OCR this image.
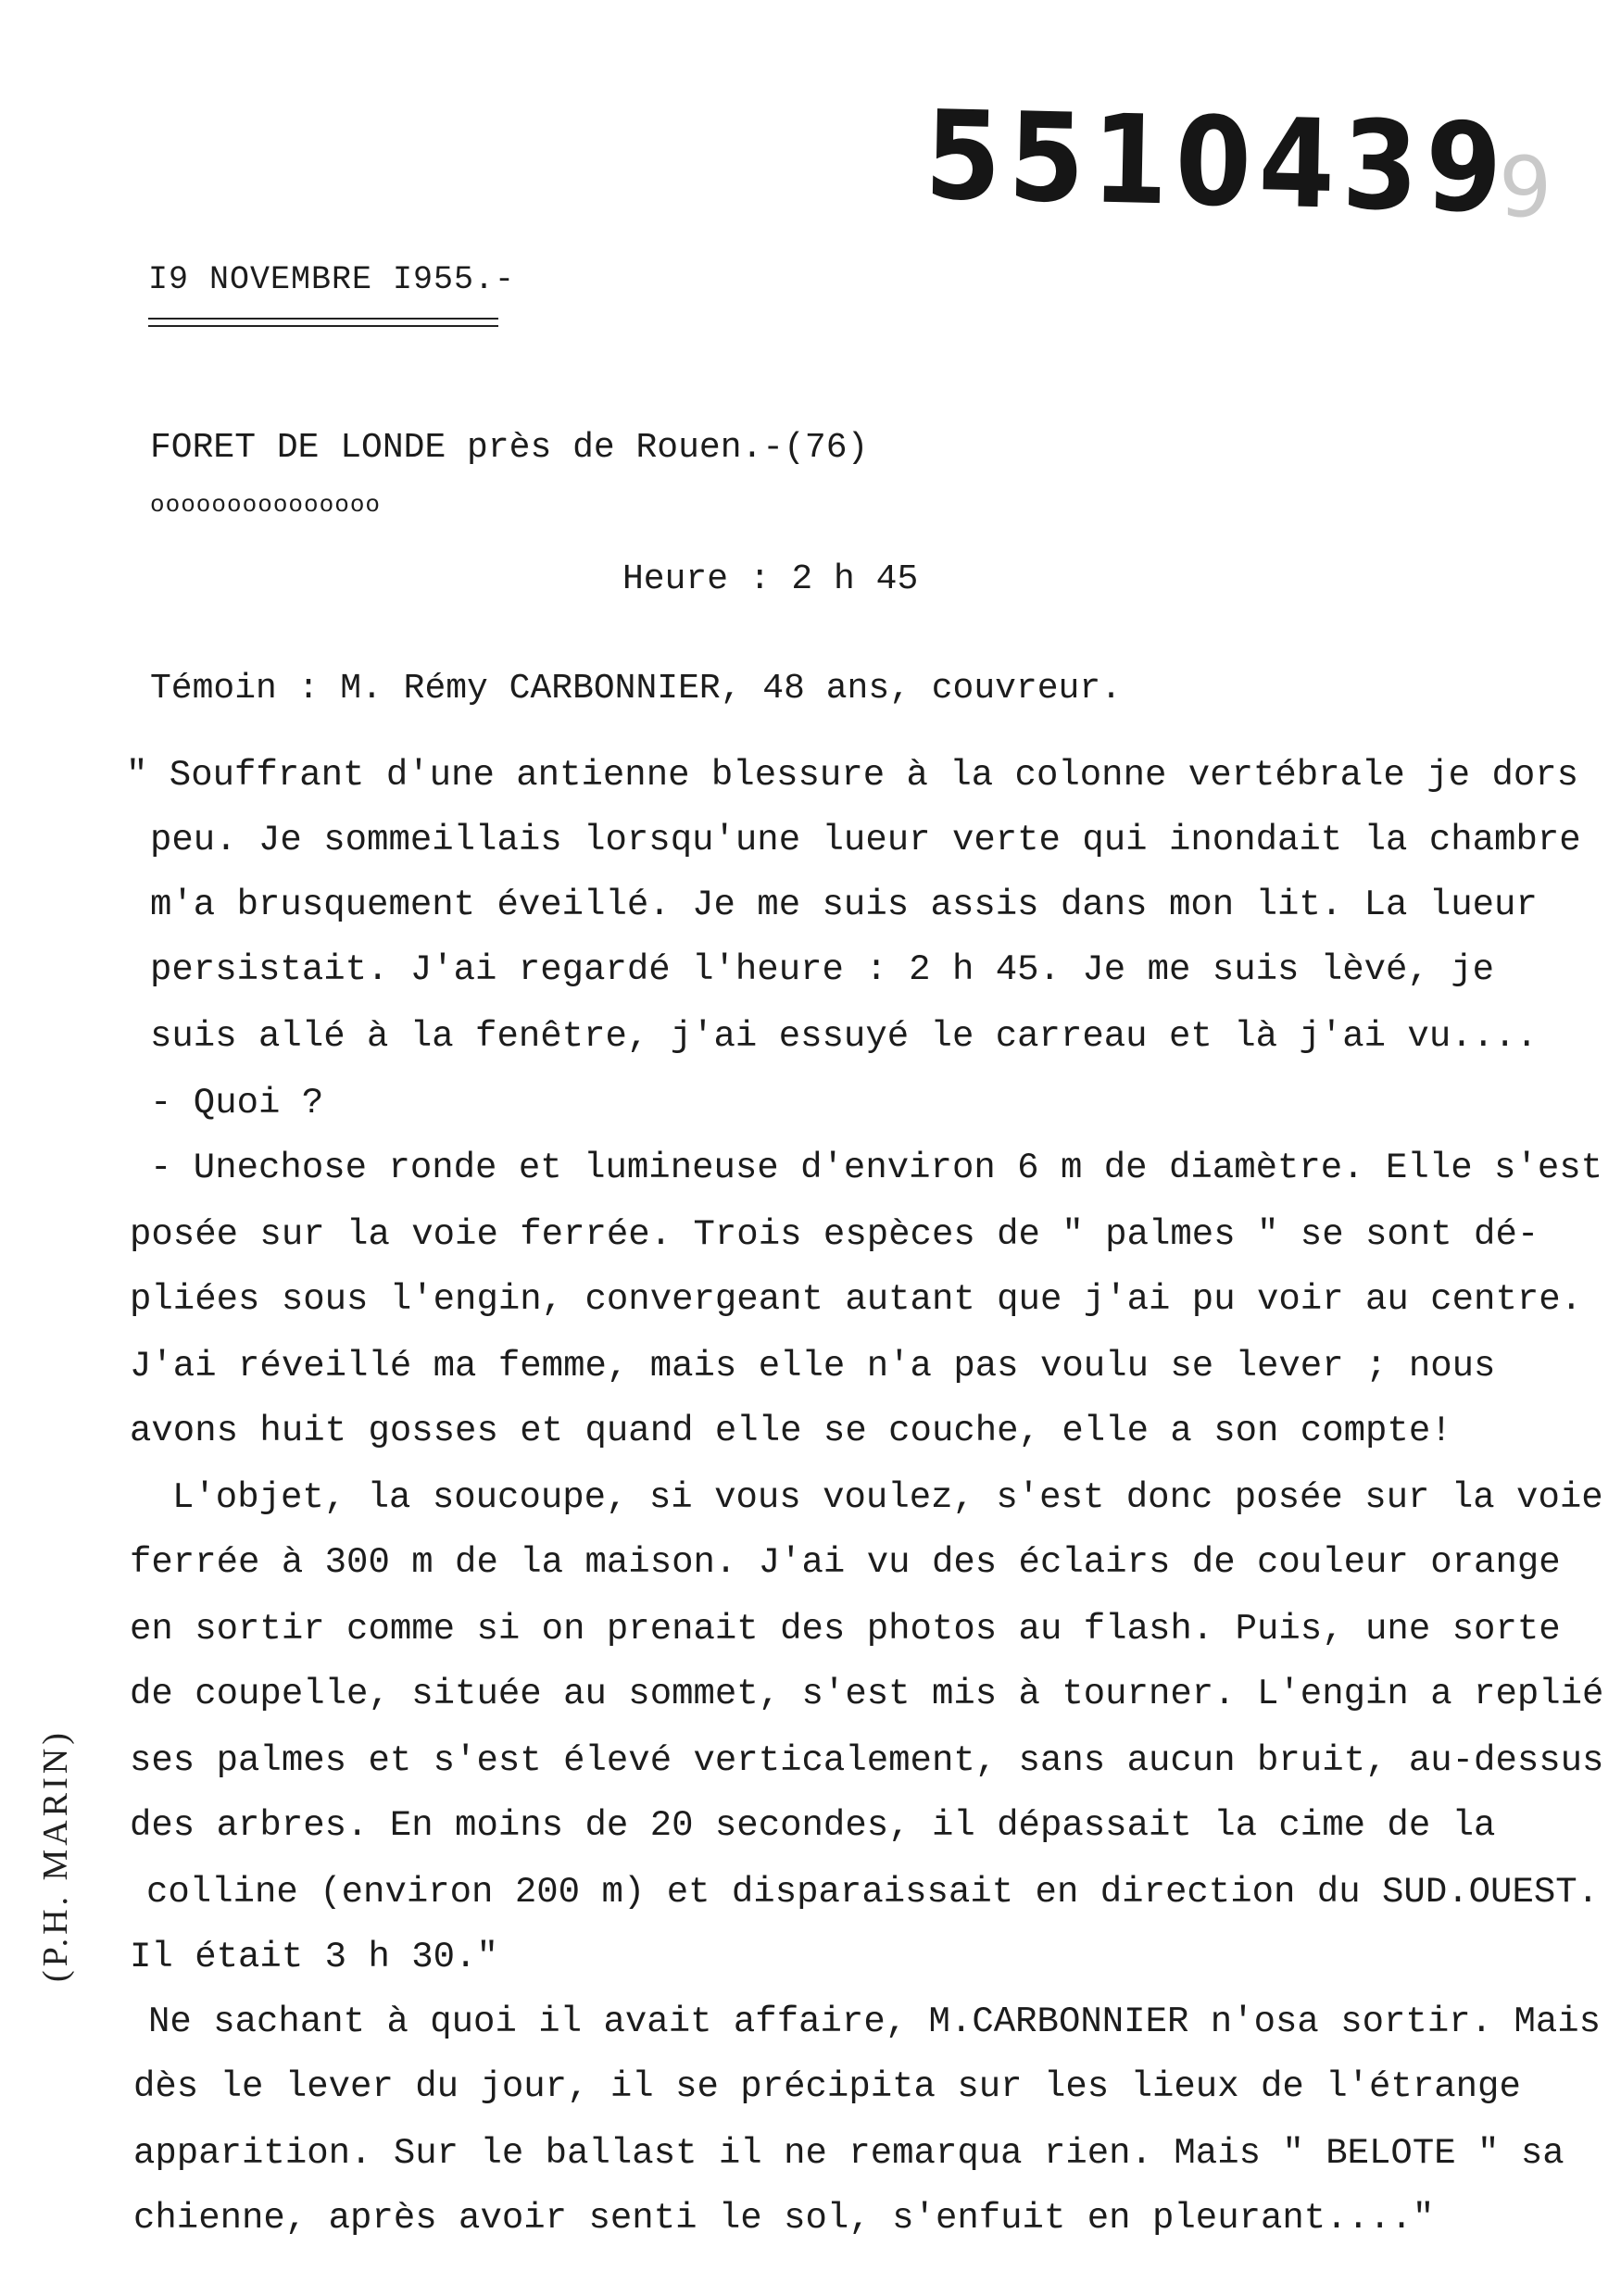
5510439
9
I9 NOVEMBRE I955.-
FORET DE LONDE près de Rouen.-(76)
ooooooooooooooo
Heure : 2 h 45
Témoin : M. Rémy CARBONNIER, 48 ans, couvreur.
(P.H. MARIN)
" Souffrant d'une antienne blessure à la colonne vertébrale je dors
peu. Je sommeillais lorsqu'une lueur verte qui inondait la chambre
m'a brusquement éveillé. Je me suis assis dans mon lit. La lueur
persistait. J'ai regardé l'heure : 2 h 45. Je me suis lèvé, je
suis allé à la fenêtre, j'ai essuyé le carreau et là j'ai vu....
- Quoi ?
- Unechose ronde et lumineuse d'environ 6 m de diamètre. Elle s'est
posée sur la voie ferrée. Trois espèces de " palmes " se sont dé-
pliées sous l'engin, convergeant autant que j'ai pu voir au centre.
J'ai réveillé ma femme, mais elle n'a pas voulu se lever ; nous
avons huit gosses et quand elle se couche, elle a son compte!
L'objet, la soucoupe, si vous voulez, s'est donc posée sur la voie
ferrée à 300 m de la maison. J'ai vu des éclairs de couleur orange
en sortir comme si on prenait des photos au flash. Puis, une sorte
de coupelle, située au sommet, s'est mis à tourner. L'engin a replié
ses palmes et s'est élevé verticalement, sans aucun bruit, au-dessus
des arbres. En moins de 20 secondes, il dépassait la cime de la
colline (environ 200 m) et disparaissait en direction du SUD.OUEST.
Il était 3 h 30."
Ne sachant à quoi il avait affaire, M.CARBONNIER n'osa sortir. Mais
dès le lever du jour, il se précipita sur les lieux de l'étrange
apparition. Sur le ballast il ne remarqua rien. Mais " BELOTE " sa
chienne, après avoir senti le sol, s'enfuit en pleurant...."
